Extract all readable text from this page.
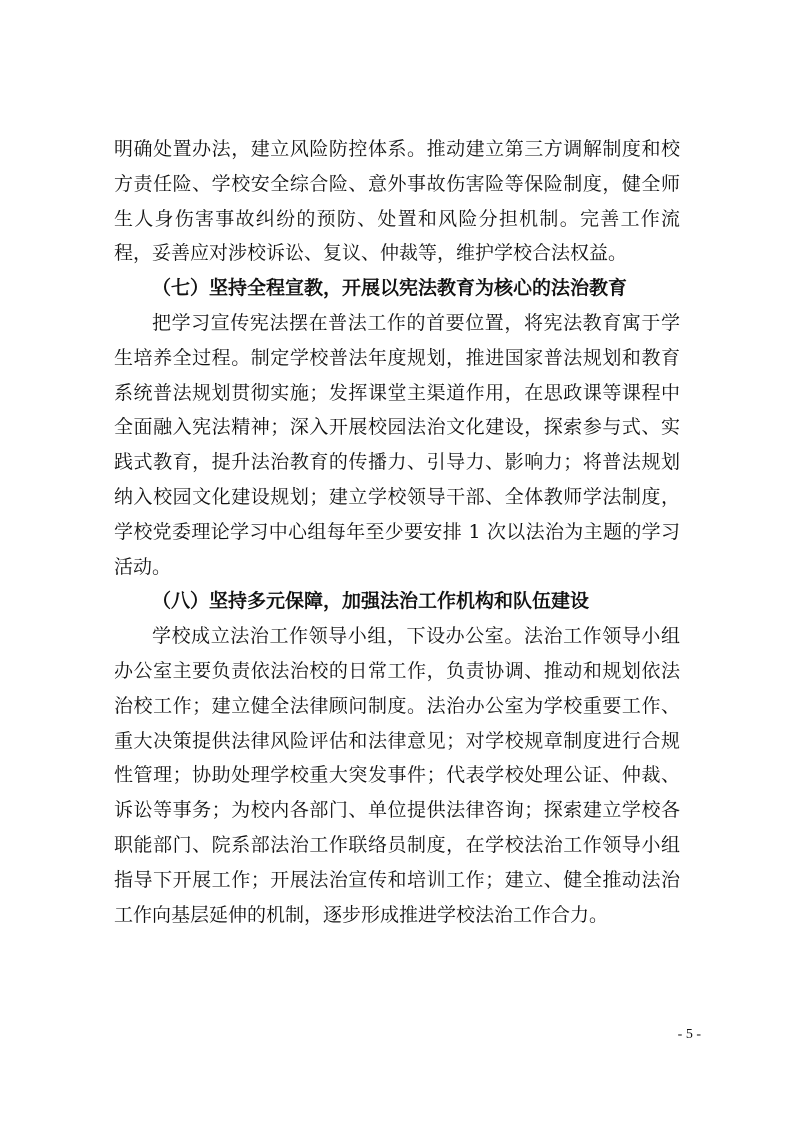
明确处置办法，建立风险防控体系。推动建立第三方调解制度和校方责任险、学校安全综合险、意外事故伤害险等保险制度，健全师生人身伤害事故纠纷的预防、处置和风险分担机制。完善工作流程，妥善应对涉校诉讼、复议、仲裁等，维护学校合法权益。

（七）坚持全程宣教，开展以宪法教育为核心的法治教育

把学习宣传宪法摆在普法工作的首要位置，将宪法教育寓于学生培养全过程。制定学校普法年度规划，推进国家普法规划和教育系统普法规划贯彻实施；发挥课堂主渠道作用，在思政课等课程中全面融入宪法精神；深入开展校园法治文化建设，探索参与式、实践式教育，提升法治教育的传播力、引导力、影响力；将普法规划纳入校园文化建设规划；建立学校领导干部、全体教师学法制度，学校党委理论学习中心组每年至少要安排 1 次以法治为主题的学习活动。

（八）坚持多元保障，加强法治工作机构和队伍建设

学校成立法治工作领导小组，下设办公室。法治工作领导小组办公室主要负责依法治校的日常工作，负责协调、推动和规划依法治校工作；建立健全法律顾问制度。法治办公室为学校重要工作、重大决策提供法律风险评估和法律意见；对学校规章制度进行合规性管理；协助处理学校重大突发事件；代表学校处理公证、仲裁、诉讼等事务；为校内各部门、单位提供法律咨询；探索建立学校各职能部门、院系部法治工作联络员制度，在学校法治工作领导小组指导下开展工作；开展法治宣传和培训工作；建立、健全推动法治工作向基层延伸的机制，逐步形成推进学校法治工作合力。

- 5 -
